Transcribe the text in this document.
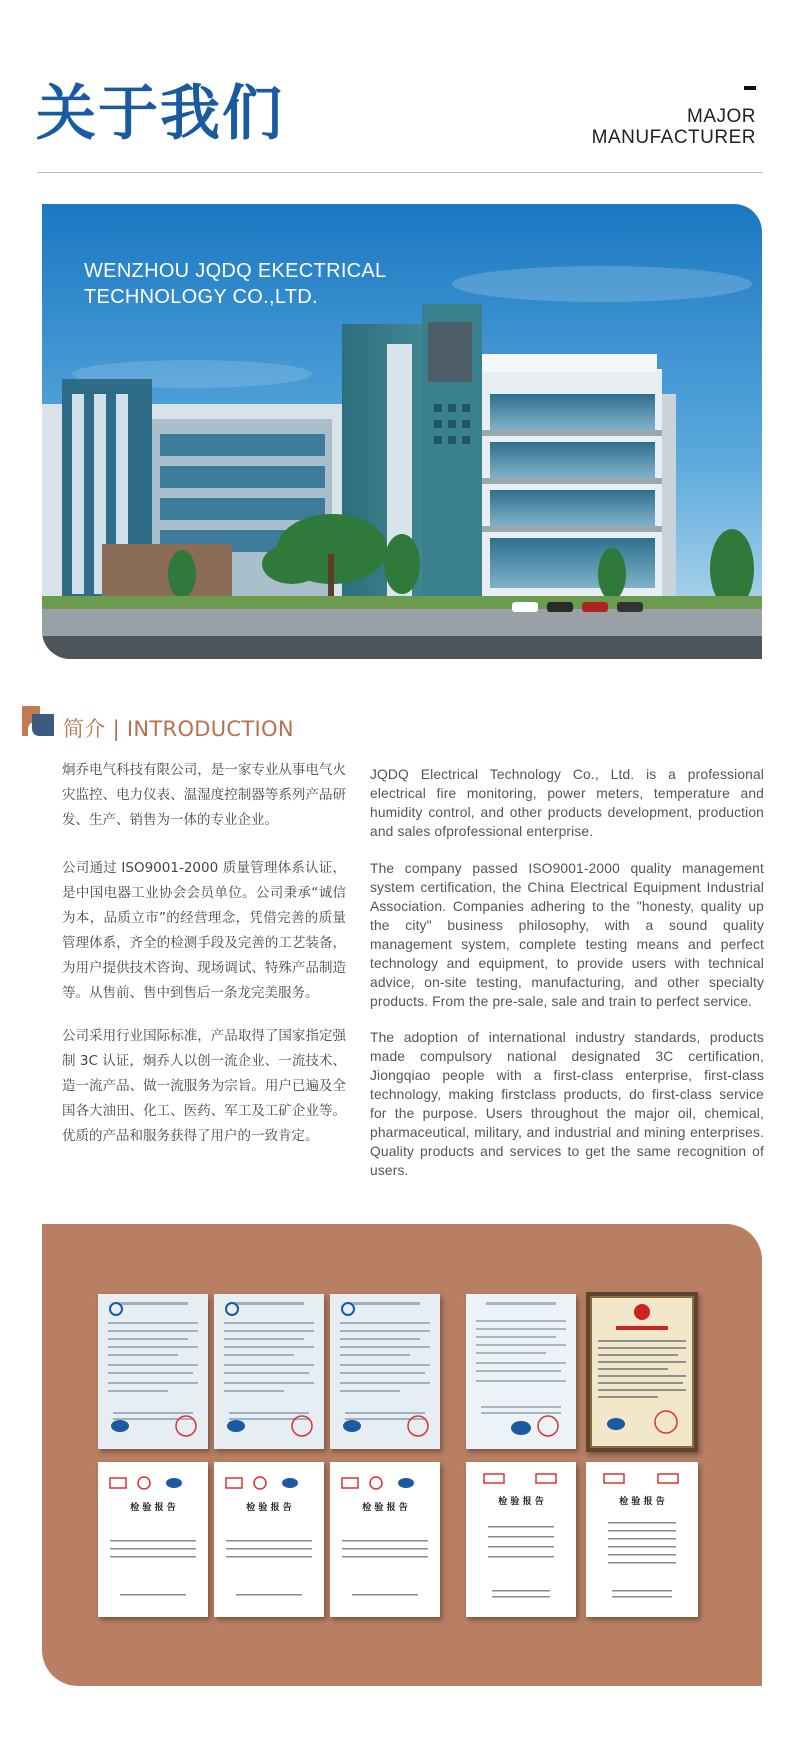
关于我们	MAJOR
MANUFACTURER
WENZHOU JQDQ EKECTRICAL
TECHNOLOGY CO.,LTD.
简介 | INTRODUCTION

炯乔电气科技有限公司，是一家专业从事电气火灾监控、电力仪表、温湿度控制器等系列产品研发、生产、销售为一体的专业企业。

公司通过 ISO9001-2000 质量管理体系认证，是中国电器工业协会会员单位。公司秉承“诚信为本，品质立市”的经营理念，凭借完善的质量管理体系，齐全的检测手段及完善的工艺装备，为用户提供技术咨询、现场调试、特殊产品制造等。从售前、售中到售后一条龙完美服务。

公司采用行业国际标准，产品取得了国家指定强制 3C 认证，炯乔人以创一流企业、一流技术、造一流产品、做一流服务为宗旨。用户已遍及全国各大油田、化工、医药、军工及工矿企业等。优质的产品和服务获得了用户的一致肯定。

JQDQ Electrical Technology Co., Ltd. is a professional electrical fire monitoring, power meters, temperature and humidity control, and other products development, production and sales ofprofessional enterprise.

The company passed ISO9001-2000 quality management system certification, the China Electrical Equipment Industrial Association. Companies adhering to the "honesty, quality up the city" business philosophy, with a sound quality management system, complete testing means and perfect technology and equipment, to provide users with technical advice, on-site testing, manufacturing, and other specialty products. From the pre-sale, sale and train to perfect service.

The adoption of international industry standards, products made compulsory national designated 3C certification, Jiongqiao people with a first-class enterprise, first-class technology, making firstclass products, do first-class service for the purpose. Users throughout the major oil, chemical, pharmaceutical, military, and industrial and mining enterprises. Quality products and services to get the same recognition of users.

检 验 报 告	检 验 报 告	检 验 报 告
检 验 报 告	检 验 报 告
